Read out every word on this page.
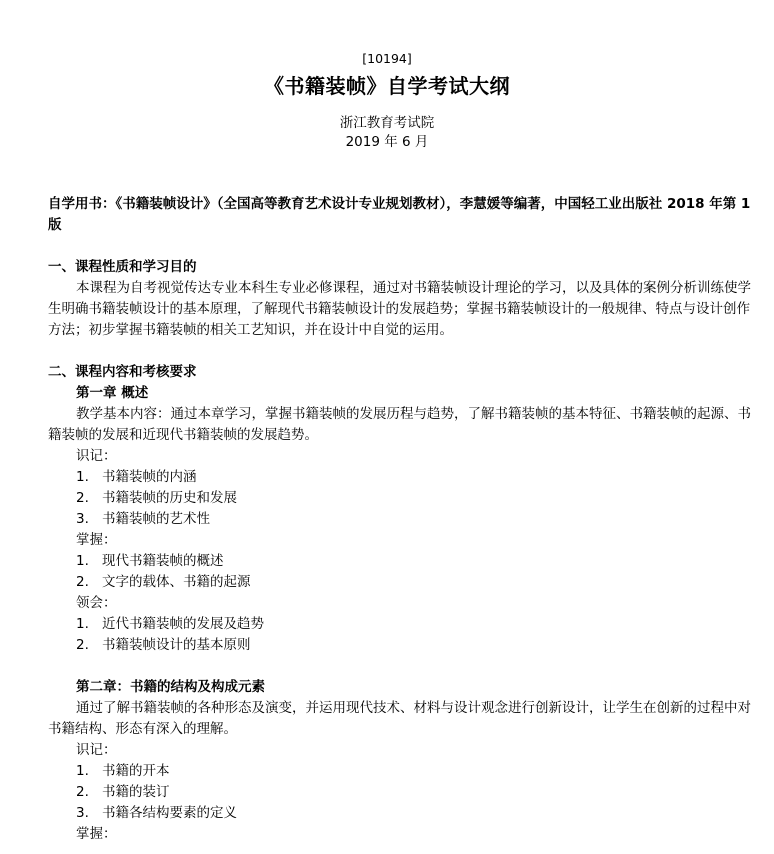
[10194]
《书籍装帧》自学考试大纲
浙江教育考试院
2019 年 6 月

自学用书：《书籍装帧设计》（全国高等教育艺术设计专业规划教材），李慧媛等编著，中国轻工业出版社 2018 年第 1 版

一、课程性质和学习目的

本课程为自考视觉传达专业本科生专业必修课程，通过对书籍装帧设计理论的学习，以及具体的案例分析训练使学生明确书籍装帧设计的基本原理，了解现代书籍装帧设计的发展趋势；掌握书籍装帧设计的一般规律、特点与设计创作方法；初步掌握书籍装帧的相关工艺知识，并在设计中自觉的运用。

二、课程内容和考核要求

第一章 概述

教学基本内容：通过本章学习，掌握书籍装帧的发展历程与趋势，了解书籍装帧的基本特征、书籍装帧的起源、书籍装帧的发展和近现代书籍装帧的发展趋势。

识记：

1. 书籍装帧的内涵

2. 书籍装帧的历史和发展

3. 书籍装帧的艺术性

掌握：

1. 现代书籍装帧的概述

2. 文字的载体、书籍的起源

领会：

1. 近代书籍装帧的发展及趋势

2. 书籍装帧设计的基本原则

第二章：书籍的结构及构成元素

通过了解书籍装帧的各种形态及演变，并运用现代技术、材料与设计观念进行创新设计，让学生在创新的过程中对书籍结构、形态有深入的理解。

识记：

1. 书籍的开本

2. 书籍的装订

3. 书籍各结构要素的定义

掌握：
